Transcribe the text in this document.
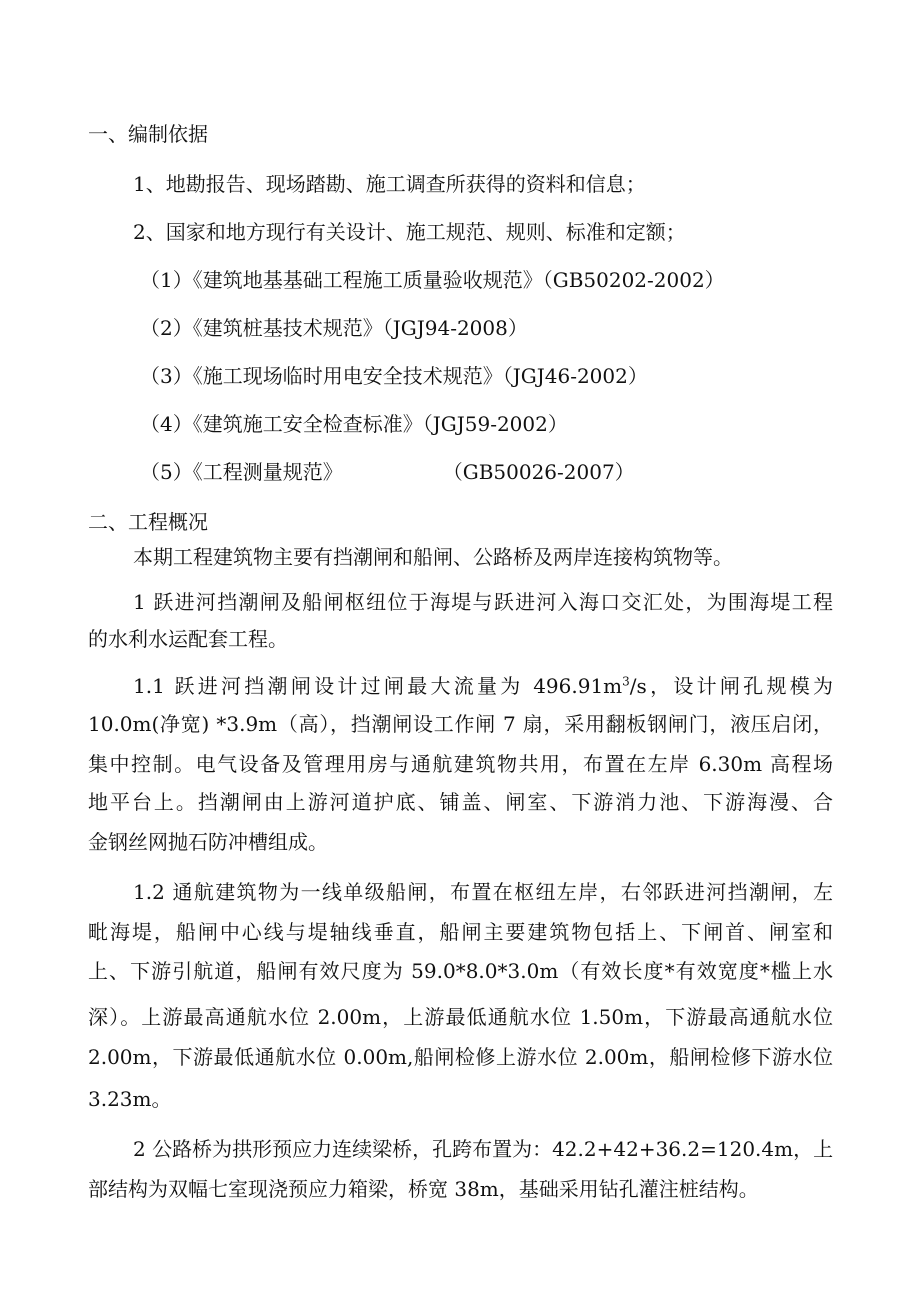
一、编制依据
1、地勘报告、现场踏勘、施工调查所获得的资料和信息；
2、国家和地方现行有关设计、施工规范、规则、标准和定额；
（1）《建筑地基基础工程施工质量验收规范》（GB50202-2002）
（2）《建筑桩基技术规范》（JGJ94-2008）
（3）《施工现场临时用电安全技术规范》（JGJ46-2002）
（4）《建筑施工安全检查标准》（JGJ59-2002）
（5）《工程测量规范》	（GB50026-2007）
二、工程概况
本期工程建筑物主要有挡潮闸和船闸、公路桥及两岸连接构筑物等。
1 跃进河挡潮闸及船闸枢纽位于海堤与跃进河入海口交汇处，为围海堤工程
的水利水运配套工程。
1.1 跃进河挡潮闸设计过闸最大流量为 $496.91m^3/s$，设计闸孔规模为
10.0m(净宽) *3.9m（高），挡潮闸设工作闸 7 扇，采用翻板钢闸门，液压启闭，
集中控制。电气设备及管理用房与通航建筑物共用，布置在左岸 6.30m 高程场
地平台上。挡潮闸由上游河道护底、铺盖、闸室、下游消力池、下游海漫、合
金钢丝网抛石防冲槽组成。
1.2 通航建筑物为一线单级船闸，布置在枢纽左岸，右邻跃进河挡潮闸，左
毗海堤，船闸中心线与堤轴线垂直，船闸主要建筑物包括上、下闸首、闸室和
上、下游引航道，船闸有效尺度为 59.0*8.0*3.0m（有效长度*有效宽度*槛上水
深）。上游最高通航水位 2.00m，上游最低通航水位 1.50m，下游最高通航水位
2.00m，下游最低通航水位 0.00m,船闸检修上游水位 2.00m，船闸检修下游水位
3.23m。
2 公路桥为拱形预应力连续梁桥，孔跨布置为：42.2+42+36.2=120.4m，上
部结构为双幅七室现浇预应力箱梁，桥宽 38m，基础采用钻孔灌注桩结构。
